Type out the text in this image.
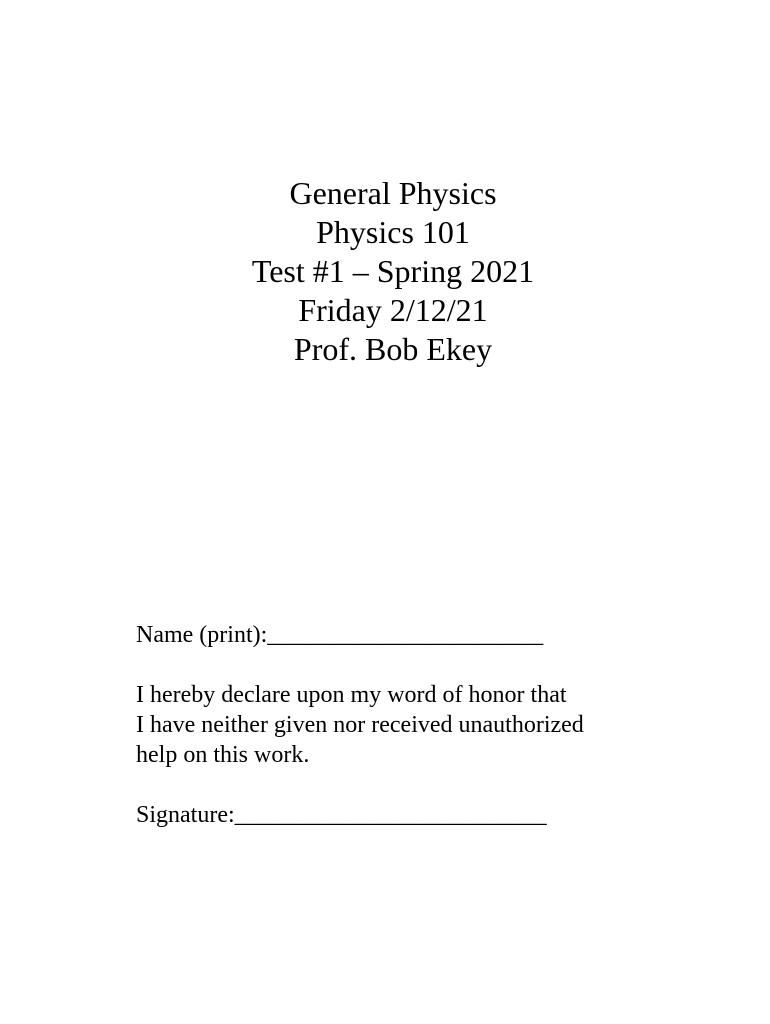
General Physics
Physics 101
Test #1 – Spring 2021
Friday 2/12/21
Prof. Bob Ekey
Name (print):_______________________
I hereby declare upon my word of honor that
I have neither given nor received unauthorized
help on this work.
Signature:__________________________
